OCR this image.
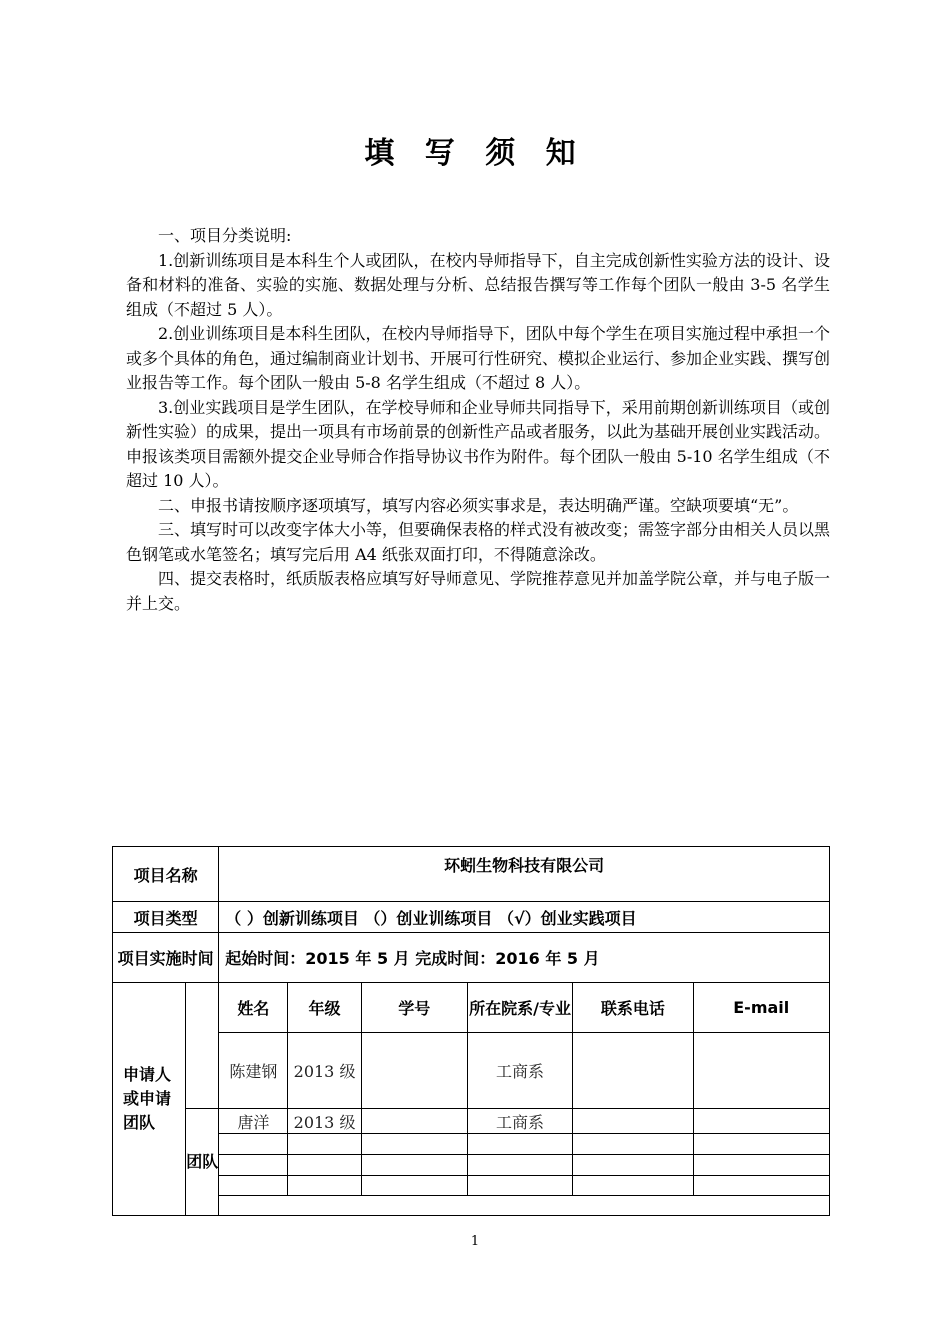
填 写 须 知

一、项目分类说明:

1.创新训练项目是本科生个人或团队，在校内导师指导下，自主完成创新性实验方法的设计、设备和材料的准备、实验的实施、数据处理与分析、总结报告撰写等工作每个团队一般由 3-5 名学生组成（不超过 5 人）。

2.创业训练项目是本科生团队，在校内导师指导下，团队中每个学生在项目实施过程中承担一个或多个具体的角色，通过编制商业计划书、开展可行性研究、模拟企业运行、参加企业实践、撰写创业报告等工作。每个团队一般由 5-8 名学生组成（不超过 8 人）。

3.创业实践项目是学生团队，在学校导师和企业导师共同指导下，采用前期创新训练项目（或创新性实验）的成果，提出一项具有市场前景的创新性产品或者服务，以此为基础开展创业实践活动。申报该类项目需额外提交企业导师合作指导协议书作为附件。每个团队一般由 5-10 名学生组成（不超过 10 人）。

二、申报书请按顺序逐项填写，填写内容必须实事求是，表达明确严谨。空缺项要填“无”。

三、填写时可以改变字体大小等，但要确保表格的样式没有被改变；需签字部分由相关人员以黑色钢笔或水笔签名；填写完后用 A4 纸张双面打印，不得随意涂改。

四、提交表格时，纸质版表格应填写好导师意见、学院推荐意见并加盖学院公章，并与电子版一并上交。

项目名称		环蚓生物科技有限公司					
项目类型		（ ）创新训练项目 （）创业训练项目 （√）创业实践项目					
项目实施时间		起始时间：2015 年 5 月 完成时间：2016 年 5 月					
申请人或申请团队		姓名	年级	学号	所在院系/专业	联系电话	E-mail
		陈建钢	2013 级		工商系		
	团队	唐洋	2013 级		工商系		

1
